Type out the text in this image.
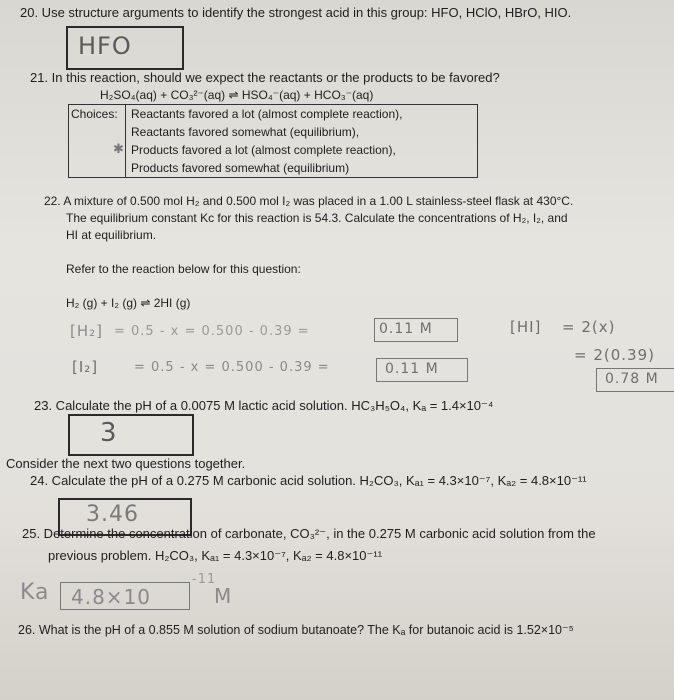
20. Use structure arguments to identify the strongest acid in this group: HFO, HClO, HBrO, HIO.
HFO
21. In this reaction, should we expect the reactants or the products to be favored?
H₂SO₄(aq) + CO₃²⁻(aq) ⇌ HSO₄⁻(aq) + HCO₃⁻(aq)
Choices: Reactants favored a lot (almost complete reaction),
Reactants favored somewhat (equilibrium),
Products favored a lot (almost complete reaction),
Products favored somewhat (equilibrium)
✱
22. A mixture of 0.500 mol H₂ and 0.500 mol I₂ was placed in a 1.00 L stainless-steel flask at 430°C.
The equilibrium constant Kc for this reaction is 54.3. Calculate the concentrations of H₂, I₂, and
HI at equilibrium.
Refer to the reaction below for this question:
H₂ (g) + I₂ (g) ⇌ 2HI (g)
[H₂] = 0.5 - x = 0.500 - 0.39 =	0.11 M
[I₂]	= 0.5 - x = 0.500 - 0.39 =	0.11 M
[HI] = 2(x)
= 2(0.39)
0.78 M
23. Calculate the pH of a 0.0075 M lactic acid solution. HC₃H₅O₄, Kₐ = 1.4×10⁻⁴
3
Consider the next two questions together.
24. Calculate the pH of a 0.275 M carbonic acid solution. H₂CO₃, Kₐ₁ = 4.3×10⁻⁷, Kₐ₂ = 4.8×10⁻¹¹
3.46
25. Determine the concentration of carbonate, CO₃²⁻, in the 0.275 M carbonic acid solution from the
previous problem. H₂CO₃, Kₐ₁ = 4.3×10⁻⁷, Kₐ₂ = 4.8×10⁻¹¹
Ka 4.8×10
-11
M
26. What is the pH of a 0.855 M solution of sodium butanoate? The Kₐ for butanoic acid is 1.52×10⁻⁵
